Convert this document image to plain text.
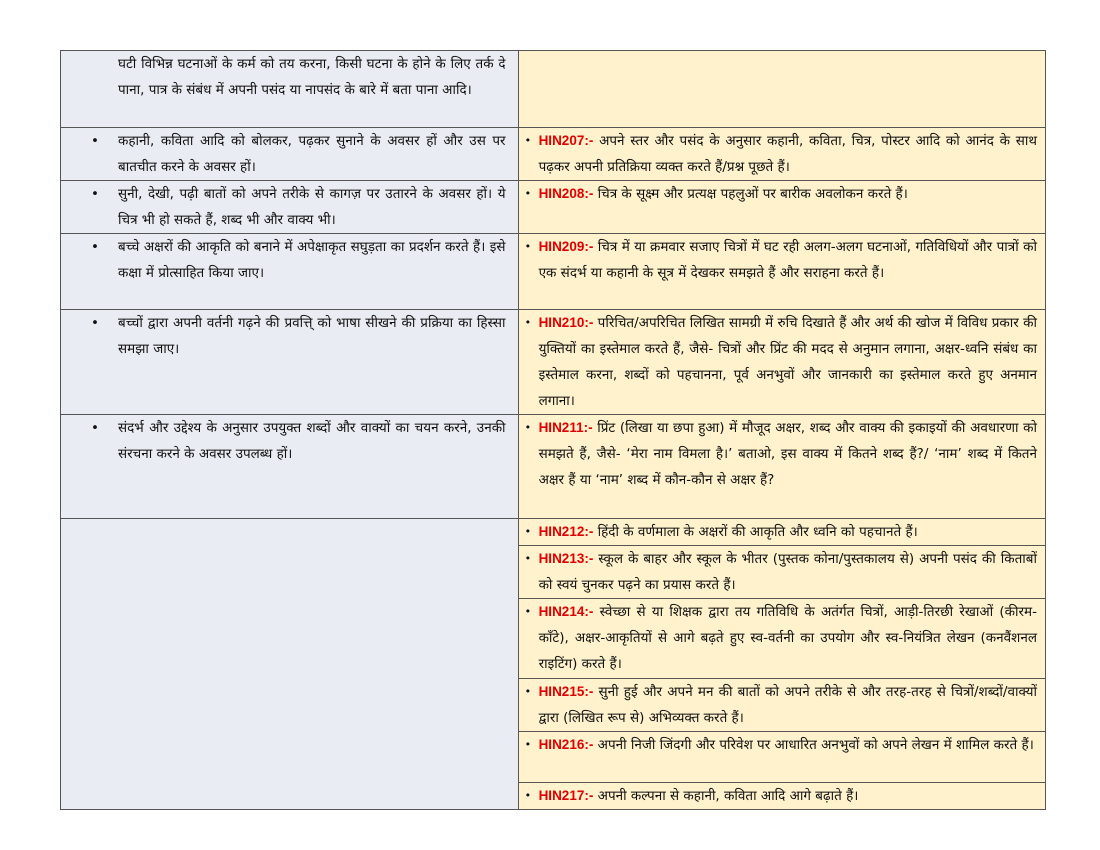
घटी विभिन्न घटनाओं के कर्म को तय करना, किसी घटना के होने के लिए तर्क दे पाना, पात्र के संबंध में अपनी पसंद या नापसंद के बारे में बता पाना आदि।	

• कहानी, कविता आदि को बोलकर, पढ़कर सुनाने के अवसर हों और उस पर बातचीत करने के अवसर हों।	• HIN207:- अपने स्तर और पसंद के अनुसार कहानी, कविता, चित्र, पोस्टर आदि को आनंद के साथ पढ़कर अपनी प्रतिक्रिया व्यक्त करते हैं/प्रश्न पूछते हैं।

• सुनी, देखी, पढ़ी बातों को अपने तरीके से कागज़ पर उतारने के अवसर हों। ये चित्र भी हो सकते हैं, शब्द भी और वाक्य भी।	• HIN208:- चित्र के सूक्ष्म और प्रत्यक्ष पहलुओं पर बारीक अवलोकन करते हैं।

• बच्चे अक्षरों की आकृति को बनाने में अपेक्षाकृत सघुड़ता का प्रदर्शन करते हैं। इसे कक्षा में प्रोत्साहित किया जाए।	• HIN209:- चित्र में या क्रमवार सजाए चित्रों में घट रही अलग-अलग घटनाओं, गतिविधियों और पात्रों को एक संदर्भ या कहानी के सूत्र में देखकर समझते हैं और सराहना करते हैं।

• बच्चों द्वारा अपनी वर्तनी गढ़ने की प्रवत्ति् को भाषा सीखने की प्रक्रिया का हिस्सा समझा जाए।	• HIN210:- परिचित/अपरिचित लिखित सामग्री में रुचि दिखाते हैं और अर्थ की खोज में विविध प्रकार की युक्तियों का इस्तेमाल करते हैं, जैसे- चित्रों और प्रिंट की मदद से अनुमान लगाना, अक्षर-ध्वनि संबंध का इस्तेमाल करना, शब्दों को पहचानना, पूर्व अनभुवों और जानकारी का इस्तेमाल करते हुए अनमान लगाना।

• संदर्भ और उद्देश्य के अनुसार उपयुक्त शब्दों और वाक्यों का चयन करने, उनकी संरचना करने के अवसर उपलब्ध हों।	• HIN211:- प्रिंट (लिखा या छपा हुआ) में मौजूद अक्षर, शब्द और वाक्य की इकाइयों की अवधारणा को समझते हैं, जैसे- ‘मेरा नाम विमला है।’ बताओ, इस वाक्य में कितने शब्द हैं?/ ‘नाम’ शब्द में कितने अक्षर हैं या ‘नाम’ शब्द में कौन-कौन से अक्षर हैं?

	• HIN212:- हिंदी के वर्णमाला के अक्षरों की आकृति और ध्वनि को पहचानते हैं।

	• HIN213:- स्कूल के बाहर और स्कूल के भीतर (पुस्तक कोना/पुस्तकालय से) अपनी पसंद की किताबों को स्वयं चुनकर पढ़ने का प्रयास करते हैं।

	• HIN214:- स्वेच्छा से या शिक्षक द्वारा तय गतिविधि के अतंर्गत चित्रों, आड़ी-तिरछी रेखाओं (कीरम-काँटे), अक्षर-आकृतियों से आगे बढ़ते हुए स्व-वर्तनी का उपयोग और स्व-नियंत्रित लेखन (कनवैंशनल राइटिंग) करते हैं।

	• HIN215:- सुनी हुई और अपने मन की बातों को अपने तरीके से और तरह-तरह से चित्रों/शब्दों/वाक्यों द्वारा (लिखित रूप से) अभिव्यक्त करते हैं।

	• HIN216:- अपनी निजी जिंदगी और परिवेश पर आधारित अनभुवों को अपने लेखन में शामिल करते हैं।

	• HIN217:- अपनी कल्पना से कहानी, कविता आदि आगे बढ़ाते हैं।
